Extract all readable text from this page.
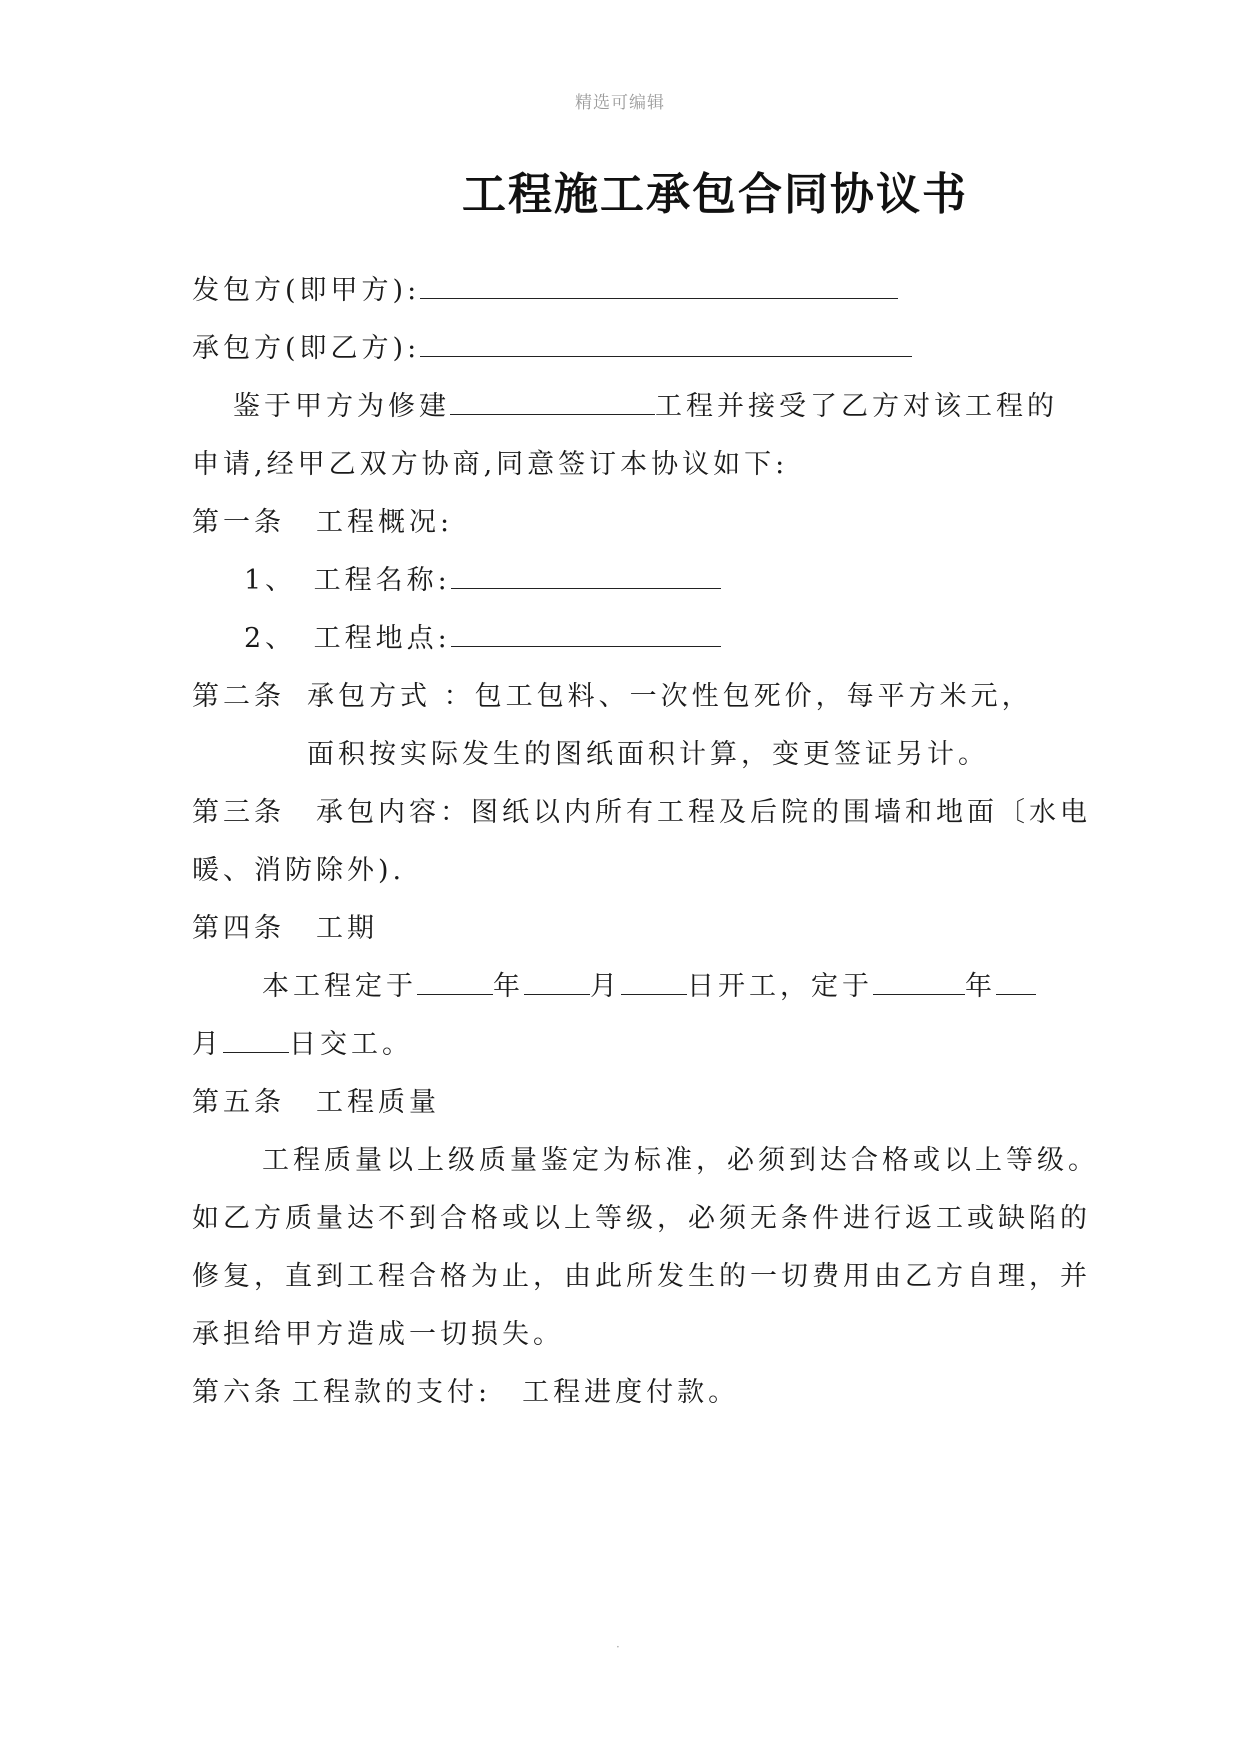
精选可编辑
工程施工承包合同协议书
发包方(即甲方):
承包方(即乙方):
鉴于甲方为修建	工程并接受了乙方对该工程的
申请,经甲乙双方协商,同意签订本协议如下:
第一条　工程概况:
1、　工程名称:
2、　工程地点:
第二条 承包方式 ：包工包料、一次性包死价，每平方米元，
面积按实际发生的图纸面积计算，变更签证另计。
第三条　承包内容：图纸以内所有工程及后院的围墙和地面〔水电
暖、消防除外).
第四条　工期
本工程定于	年 月 日开工，定于	年
月 日交工。
第五条　工程质量
工程质量以上级质量鉴定为标准，必须到达合格或以上等级。
如乙方质量达不到合格或以上等级，必须无条件进行返工或缺陷的
修复，直到工程合格为止，由此所发生的一切费用由乙方自理，并
承担给甲方造成一切损失。
第六条 工程款的支付:　工程进度付款。
·
